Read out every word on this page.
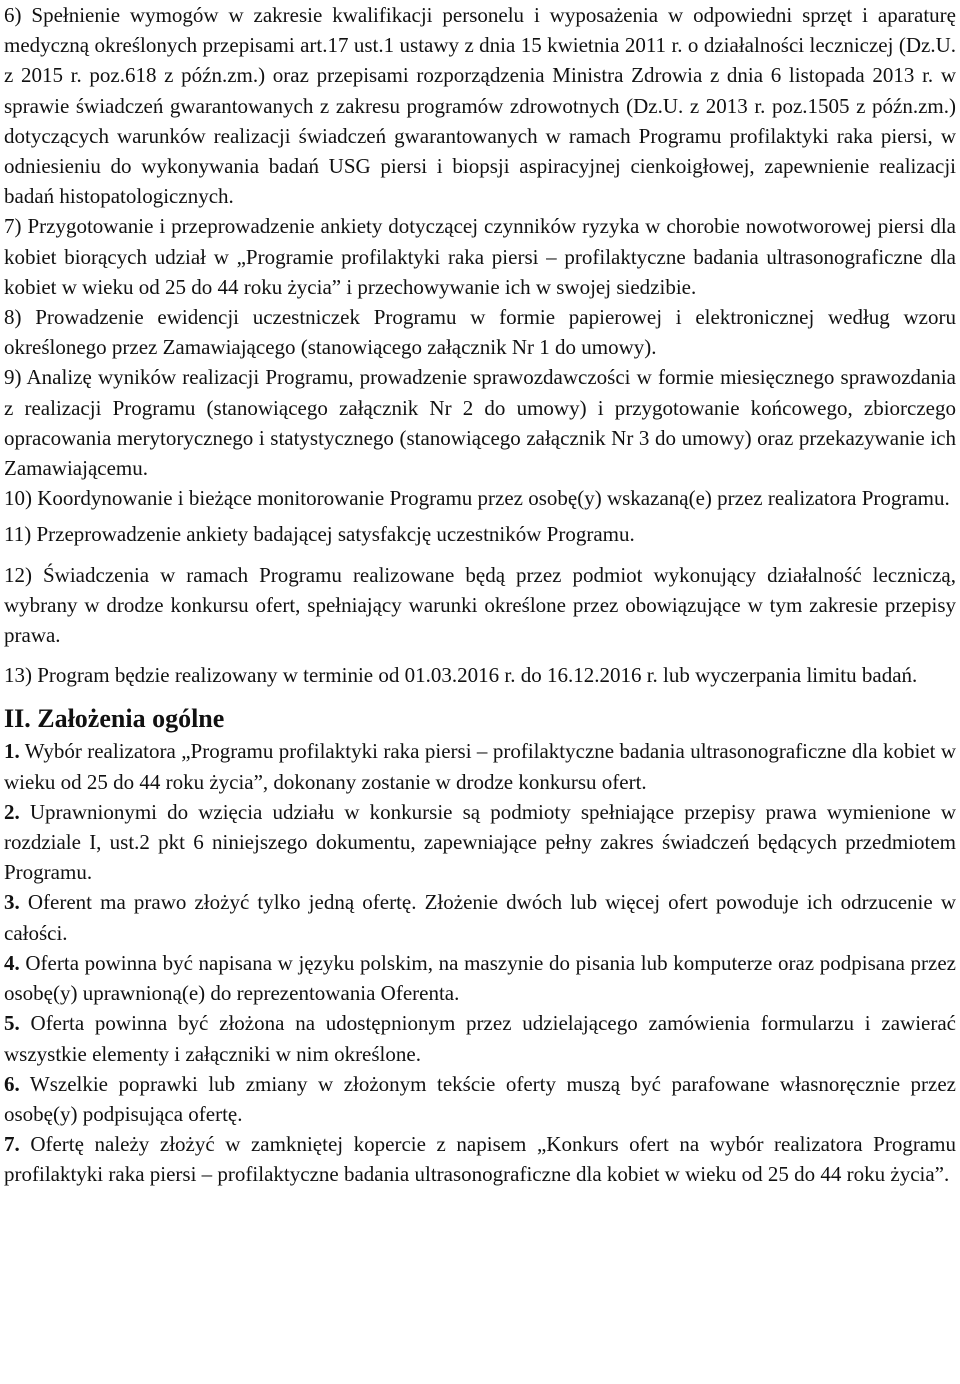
6) Spełnienie wymogów w zakresie kwalifikacji personelu i wyposażenia w odpowiedni sprzęt i aparaturę medyczną określonych przepisami art.17 ust.1 ustawy z dnia 15 kwietnia 2011 r. o działalności leczniczej (Dz.U. z 2015 r. poz.618 z późn.zm.) oraz przepisami rozporządzenia Ministra Zdrowia z dnia 6 listopada 2013 r. w sprawie świadczeń gwarantowanych z zakresu programów zdrowotnych (Dz.U. z 2013 r. poz.1505 z późn.zm.) dotyczących warunków realizacji świadczeń gwarantowanych w ramach Programu profilaktyki raka piersi, w odniesieniu do wykonywania badań USG piersi i biopsji aspiracyjnej cienkoigłowej, zapewnienie realizacji badań histopatologicznych.

7) Przygotowanie i przeprowadzenie ankiety dotyczącej czynników ryzyka w chorobie nowotworowej piersi dla kobiet biorących udział w „Programie profilaktyki raka piersi – profilaktyczne badania ultrasonograficzne dla kobiet w wieku od 25 do 44 roku życia” i przechowywanie ich w swojej siedzibie.

8) Prowadzenie ewidencji uczestniczek Programu w formie papierowej i elektronicznej według wzoru określonego przez Zamawiającego (stanowiącego załącznik Nr 1 do umowy).

9) Analizę wyników realizacji Programu, prowadzenie sprawozdawczości w formie miesięcznego sprawozdania z realizacji Programu (stanowiącego załącznik Nr 2 do umowy) i przygotowanie końcowego, zbiorczego opracowania merytorycznego i statystycznego (stanowiącego załącznik Nr 3 do umowy) oraz przekazywanie ich Zamawiającemu.

10) Koordynowanie i bieżące monitorowanie Programu przez osobę(y) wskazaną(e) przez realizatora Programu.

11) Przeprowadzenie ankiety badającej satysfakcję uczestników Programu.

12) Świadczenia w ramach Programu realizowane będą przez podmiot wykonujący działalność leczniczą, wybrany w drodze konkursu ofert, spełniający warunki określone przez obowiązujące w tym zakresie przepisy prawa.

13) Program będzie realizowany w terminie od 01.03.2016 r. do 16.12.2016 r. lub wyczerpania limitu badań.

II. Założenia ogólne

1. Wybór realizatora „Programu profilaktyki raka piersi – profilaktyczne badania ultrasonograficzne dla kobiet w wieku od 25 do 44 roku życia”, dokonany zostanie w drodze konkursu ofert.

2. Uprawnionymi do wzięcia udziału w konkursie są podmioty spełniające przepisy prawa wymienione w rozdziale I, ust.2 pkt 6 niniejszego dokumentu, zapewniające pełny zakres świadczeń będących przedmiotem Programu.

3. Oferent ma prawo złożyć tylko jedną ofertę. Złożenie dwóch lub więcej ofert powoduje ich odrzucenie w całości.

4. Oferta powinna być napisana w języku polskim, na maszynie do pisania lub komputerze oraz podpisana przez osobę(y) uprawnioną(e) do reprezentowania Oferenta.

5. Oferta powinna być złożona na udostępnionym przez udzielającego zamówienia formularzu i zawierać wszystkie elementy i załączniki w nim określone.

6. Wszelkie poprawki lub zmiany w złożonym tekście oferty muszą być parafowane własnoręcznie przez osobę(y) podpisująca ofertę.

7. Ofertę należy złożyć w zamkniętej kopercie z napisem „Konkurs ofert na wybór realizatora Programu profilaktyki raka piersi – profilaktyczne badania ultrasonograficzne dla kobiet w wieku od 25 do 44 roku życia”.
